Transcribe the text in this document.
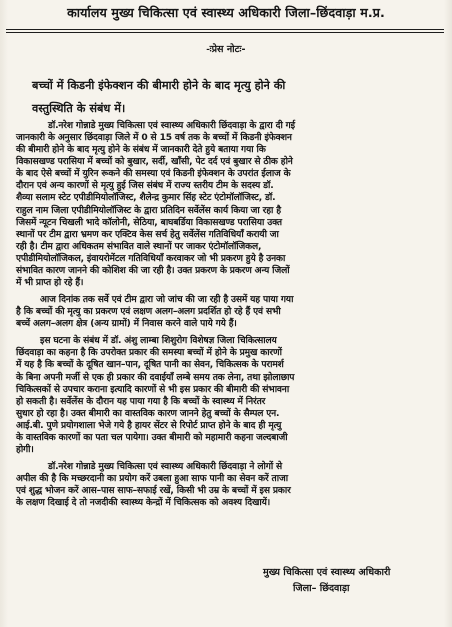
कार्यालय मुख्य चिकित्सा एवं स्वास्थ्य अधिकारी जिला–छिंदवाड़ा म.प्र.
-ःप्रेस नोटः-
बच्चों में किडनी इंफेक्शन की बीमारी होने के बाद मृत्यु होने की
वस्तुस्थिति के संबंध में।
डॉ.नरेश गोन्नाडे मुख्य चिकित्सा एवं स्वास्थ्य अधिकारी छिंदवाड़ा के द्वारा दी गई
जानकारी के अनुसार छिंदवाड़ा जिले में 0 से 15 वर्ष तक के बच्चों में किडनी इंफेक्शन
की बीमारी होने के बाद मृत्यु होने के संबंध में जानकारी देते हुये बताया गया कि
विकासखण्ड परासिया में बच्चों को बुखार, सर्दी, खाँसी, पेट दर्द एवं बुखार से ठीक होने
के बाद ऐसे बच्चों में युरिन रूकने की समस्या एवं किडनी इंफेक्शन के उपरांत ईलाज के
दौरान एवं अन्य कारणों से मृत्यु हुई जिस संबंध में राज्य स्तरीय टीम के सदस्य डॉ.
शैव्या सलाम स्टेट एपीडीमियोलॉजिस्ट, शैलेन्द्र कुमार सिंह स्टेट एंटोमॉलॉजिस्ट, डॉ.
राहुल नाम जिला एपीडीमियोलॉजिस्ट के द्वारा प्रतिदिन सर्वेलेंस कार्य किया जा रहा है
जिसमें न्यूटन चिखली भादे कॉलोनी, सेठिया, बाघबर्डिया विकासखण्ड परासिया उक्त
स्थानों पर टीम द्वारा भ्रमण कर एक्टिव केस सर्च हेतु सर्वेलेंस गतिविधियाँ करायी जा
रही है। टीम द्वारा अधिकतम संभावित वाले स्थानों पर जाकर एंटोमॉलॉजिकल,
एपीडीमियोलॉजिकल, इंवायरोमेंटल गतिविधियाँ करवाकर जो भी प्रकरण हुये है उनका
संभावित कारण जानने की कोशिश की जा रही है। उक्त प्रकरण के प्रकरण अन्य जिलों
में भी प्राप्त हो रहे हैं।
आज दिनांक तक सर्वे एवं टीम द्वारा जो जांच की जा रही है उसमें यह पाया गया
है कि बच्चों की मृत्यु का प्रकरण एवं लक्षण अलग–अलग प्रदर्शित हो रहे हैं एवं सभी
बच्चें अलग–अलग क्षेत्र (अन्य ग्रामों) में निवास करने वाले पाये गये हैं।
इस घटना के संबंध में डॉ. अंशु लाम्बा शिशुरोग विशेषज्ञ जिला चिकित्सालय
छिंदवाड़ा का कहना है कि उपरोक्त प्रकार की समस्या बच्चों में होने के प्रमुख कारणों
में यह है कि बच्चों के दूषित खान–पान, दूषित पानी का सेवन, चिकित्सक के परामर्श
के बिना अपनी मर्जी से एक ही प्रकार की दवाईयाँ लम्बे समय तक लेना, तथा झोलाछाप
चिकित्सकों से उपचार कराना इत्यादि कारणों से भी इस प्रकार की बीमारी की संभावना
हो सकती है। सर्वेलेंस के दौरान यह पाया गया है कि बच्चों के स्वास्थ्य में निरंतर
सुधार हो रहा है। उक्त बीमारी का वास्तविक कारण जानने हेतु बच्चों के सैम्पल एन.
आई.बी. पुणे प्रयोगशाला भेजे गये है हायर सेंटर से रिपोर्ट प्राप्त होने के बाद ही मृत्यु
के वास्तविक कारणों का पता चल पायेगा। उक्त बीमारी को महामारी कहना जल्दबाजी
होगी।
डॉ.नरेश गोन्नाडे मुख्य चिकित्सा एवं स्वास्थ्य अधिकारी छिंदवाड़ा ने लोगों से
अपील की है कि मच्छरदानी का प्रयोग करें उबला हुआ साफ पानी का सेवन करें ताजा
एवं शुद्ध भोजन करें आस–पास साफ–सफाई रखें, किसी भी उम्र के बच्चों में इस प्रकार
के लक्षण दिखाई दे तो नजदीकी स्वास्थ्य केन्द्रों में चिकित्सक को अवश्य दिखायें।
मुख्य चिकित्सा एवं स्वास्थ्य अधिकारी
जिला– छिंदवाड़ा
